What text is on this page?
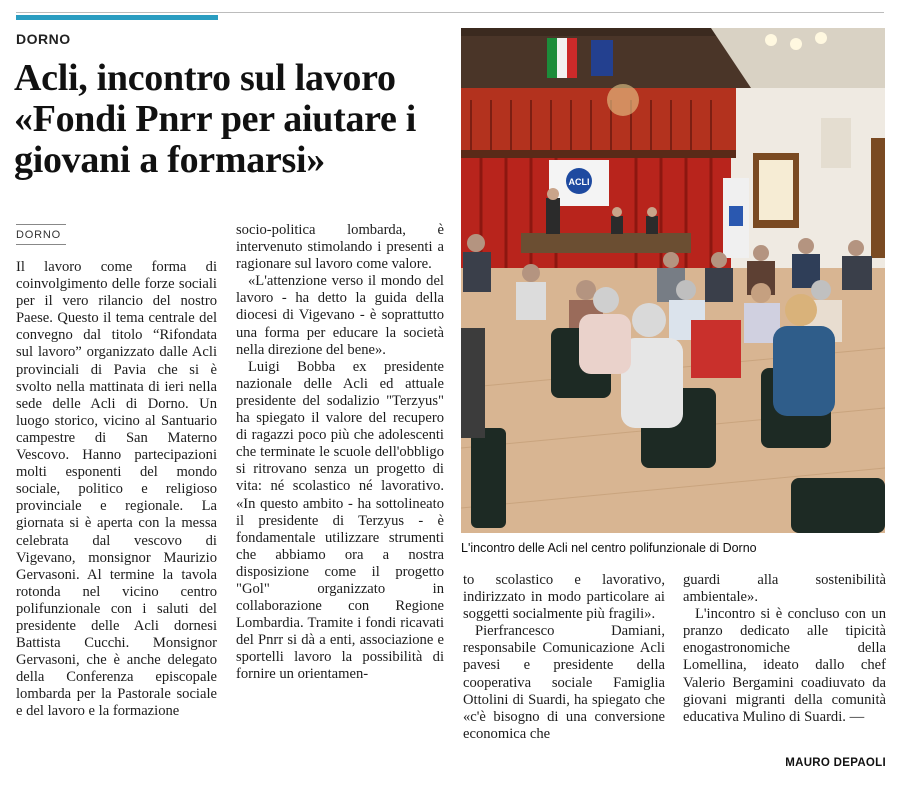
DORNO
Acli, incontro sul lavoro «Fondi Pnrr per aiutare i giovani a formarsi»
DORNO

Il lavoro come forma di coinvolgimento delle forze sociali per il vero rilancio del nostro Paese. Questo il tema centrale del convegno dal titolo “Rifondata sul lavoro” organizzato dalle Acli provinciali di Pavia che si è svolto nella mattinata di ieri nella sede delle Acli di Dorno. Un luogo storico, vicino al Santuario campestre di San Materno Vescovo. Hanno partecipazioni molti esponenti del mondo sociale, politico e religioso provinciale e regionale. La giornata si è aperta con la messa celebrata dal vescovo di Vigevano, monsignor Maurizio Gervasoni. Al termine la tavola rotonda nel vicino centro polifunzionale con i saluti del presidente delle Acli dornesi Battista Cucchi. Monsignor Gervasoni, che è anche delegato della Conferenza episcopale lombarda per la Pastorale sociale e del lavoro e la formazione

socio-politica lombarda, è intervenuto stimolando i presenti a ragionare sul lavoro come valore.

«L'attenzione verso il mondo del lavoro - ha detto la guida della diocesi di Vigevano - è soprattutto una forma per educare la società nella direzione del bene».

Luigi Bobba ex presidente nazionale delle Acli ed attuale presidente del sodalizio "Terzyus" ha spiegato il valore del recupero di ragazzi poco più che adolescenti che terminate le scuole dell'obbligo si ritrovano senza un progetto di vita: né scolastico né lavorativo. «In questo ambito - ha sottolineato il presidente di Terzyus - è fondamentale utilizzare strumenti che abbiamo ora a nostra disposizione come il progetto "Gol" organizzato in collaborazione con Regione Lombardia. Tramite i fondi ricavati del Pnrr si dà a enti, associazione e sportelli lavoro la possibilità di fornire un orientamen-

to scolastico e lavorativo, indirizzato in modo particolare ai soggetti socialmente più fragili».

Pierfrancesco Damiani, responsabile Comunicazione Acli pavesi e presidente della cooperativa sociale Famiglia Ottolini di Suardi, ha spiegato che «c'è bisogno di una conversione economica che

guardi alla sostenibilità ambientale».

L'incontro si è concluso con un pranzo dedicato alle tipicità enogastronomiche della Lomellina, ideato dallo chef Valerio Bergamini coadiuvato da giovani migranti della comunità educativa Mulino di Suardi. —

ACLI
L'incontro delle Acli nel centro polifunzionale di Dorno
MAURO DEPAOLI
